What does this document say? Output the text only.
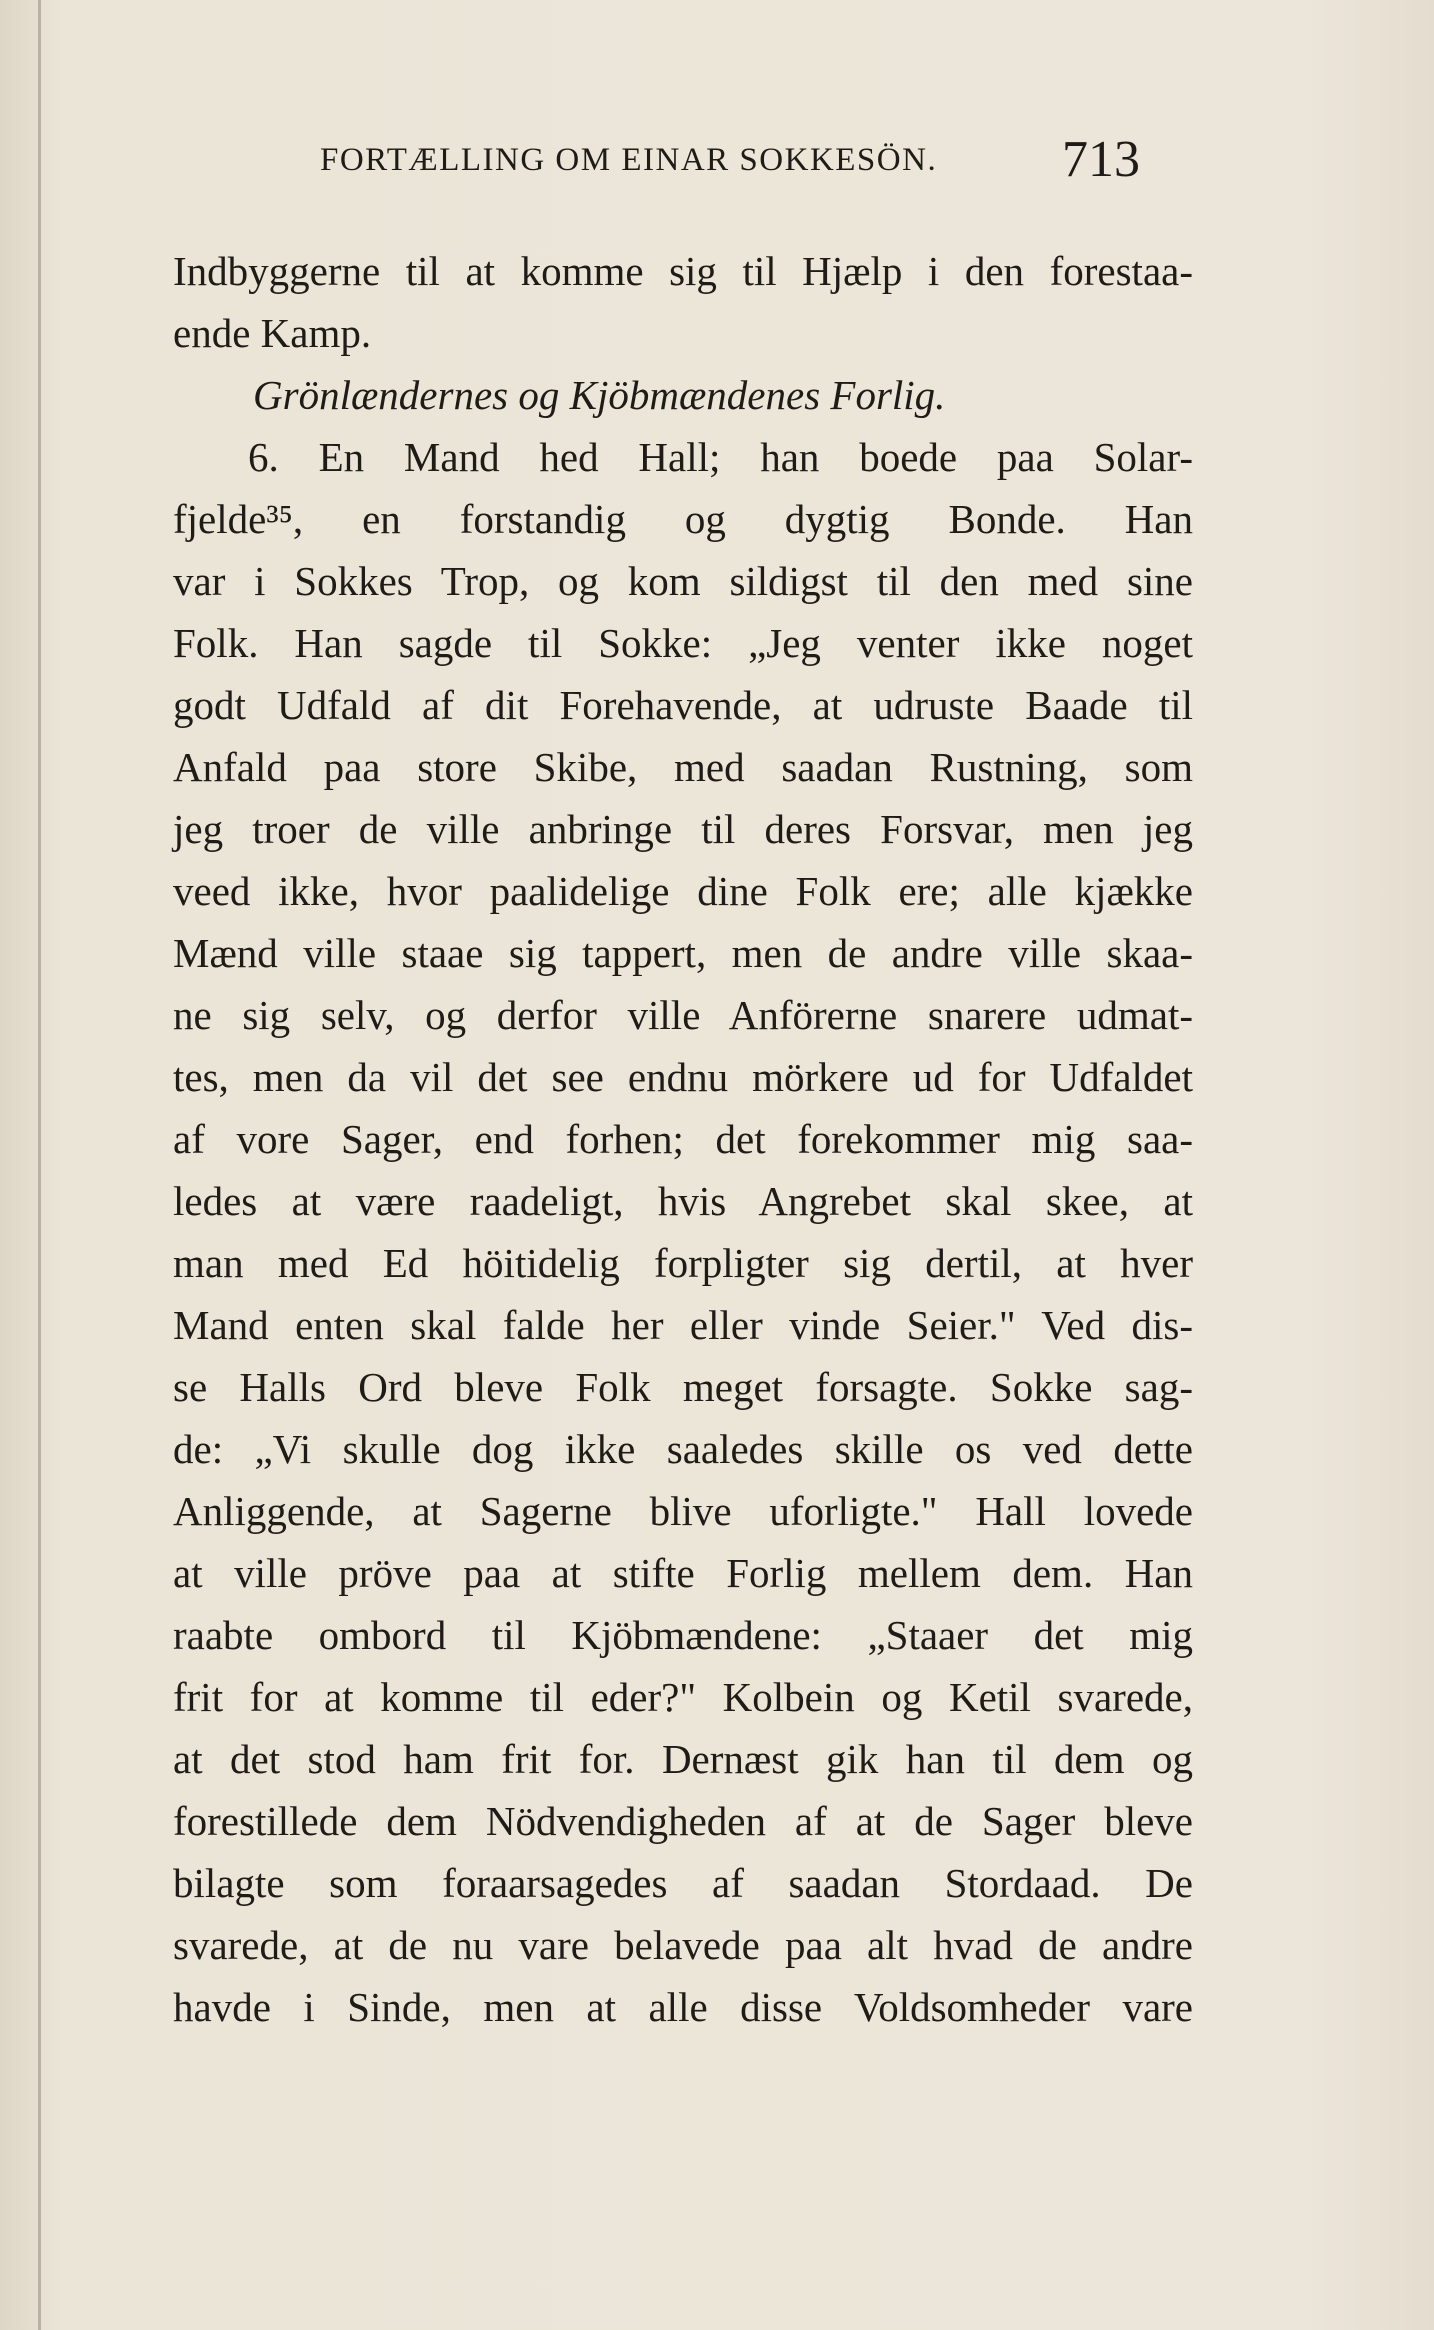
FORTÆLLING OM EINAR SOKKESÖN. 713
Indbyggerne til at komme sig til Hjælp i den forestaa-
ende Kamp.
Grönlændernes og Kjöbmændenes Forlig.
6. En Mand hed Hall; han boede paa Solar-
fjelde³⁵, en forstandig og dygtig Bonde. Han
var i Sokkes Trop, og kom sildigst til den med sine
Folk. Han sagde til Sokke: „Jeg venter ikke noget
godt Udfald af dit Forehavende, at udruste Baade til
Anfald paa store Skibe, med saadan Rustning, som
jeg troer de ville anbringe til deres Forsvar, men jeg
veed ikke, hvor paalidelige dine Folk ere; alle kjække
Mænd ville staae sig tappert, men de andre ville skaa-
ne sig selv, og derfor ville Anförerne snarere udmat-
tes, men da vil det see endnu mörkere ud for Udfaldet
af vore Sager, end forhen; det forekommer mig saa-
ledes at være raadeligt, hvis Angrebet skal skee, at
man med Ed höitidelig forpligter sig dertil, at hver
Mand enten skal falde her eller vinde Seier." Ved dis-
se Halls Ord bleve Folk meget forsagte. Sokke sag-
de: „Vi skulle dog ikke saaledes skille os ved dette
Anliggende, at Sagerne blive uforligte." Hall lovede
at ville pröve paa at stifte Forlig mellem dem. Han
raabte ombord til Kjöbmændene: „Staaer det mig
frit for at komme til eder?" Kolbein og Ketil svarede,
at det stod ham frit for. Dernæst gik han til dem og
forestillede dem Nödvendigheden af at de Sager bleve
bilagte som foraarsagedes af saadan Stordaad. De
svarede, at de nu vare belavede paa alt hvad de andre
havde i Sinde, men at alle disse Voldsomheder vare
